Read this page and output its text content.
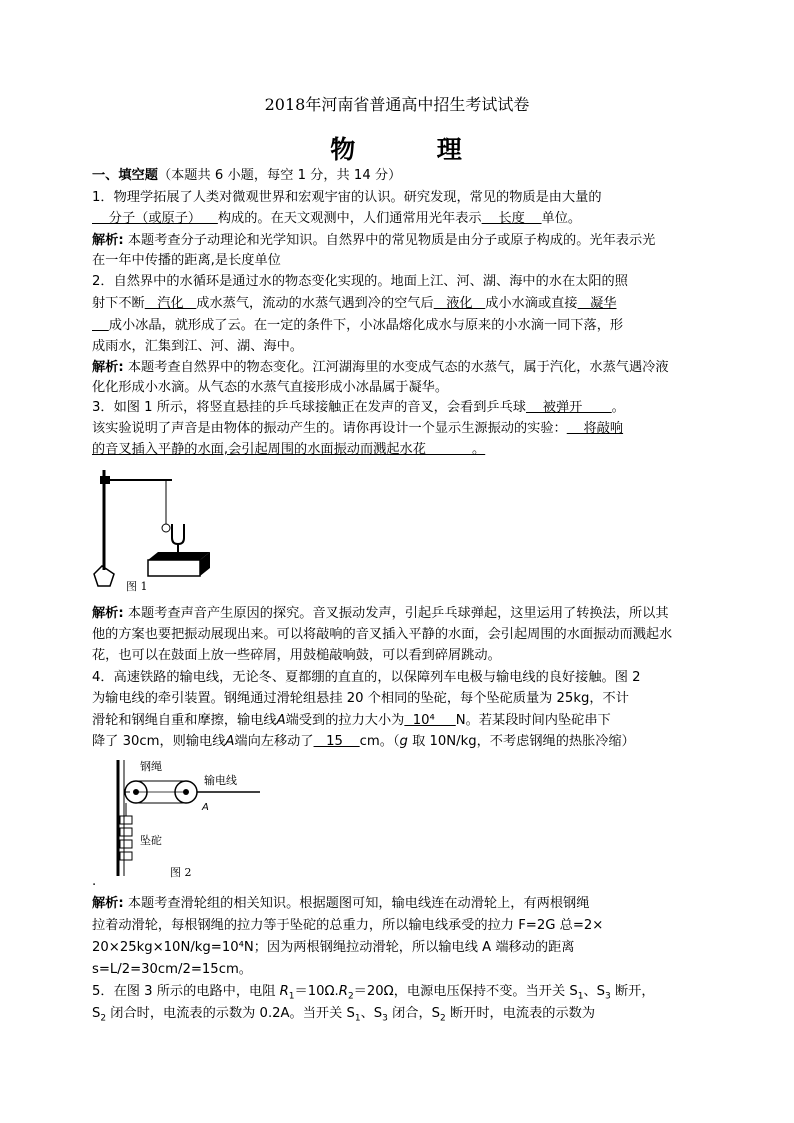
2018年河南省普通高中招生考试试卷
物	理
一、填空题（本题共 6 小题，每空 1 分，共 14 分）
1．物理学拓展了人类对微观世界和宏观宇宙的认识。研究发现，常见的物质是由大量的
分子（或原子）    构成的。在天文观测中，人们通常用光年表示    长度    单位。
解析: 本题考查分子动理论和光学知识。自然界中的常见物质是由分子或原子构成的。光年表示光
在一年中传播的距离,是长度单位
2．自然界中的水循环是通过水的物态变化实现的。地面上江、河、湖、海中的水在太阳的照
射下不断   汽化   成水蒸气，流动的水蒸气遇到冷的空气后   液化   成小水滴或直接   凝华
成小冰晶，就形成了云。在一定的条件下，小冰晶熔化成水与原来的小水滴一同下落，形
成雨水，汇集到江、河、湖、海中。
解析: 本题考查自然界中的物态变化。江河湖海里的水变成气态的水蒸气，属于汽化，水蒸气遇冷液
化化形成小水滴。从气态的水蒸气直接形成小冰晶属于凝华。
3．如图 1 所示，将竖直悬挂的乒乓球接触正在发声的音叉，会看到乒乓球    被弹开       。
该实验说明了声音是由物体的振动产生的。请你再设计一个显示生源振动的实验：    将敲响
的音叉插入平静的水面,会引起周围的水面振动而溅起水花           。
图 1
解析: 本题考查声音产生原因的探究。音叉振动发声，引起乒乓球弹起，这里运用了转换法，所以其
他的方案也要把振动展现出来。可以将敲响的音叉插入平静的水面，会引起周围的水面振动而溅起水
花，也可以在鼓面上放一些碎屑，用鼓槌敲响鼓，可以看到碎屑跳动。
4．高速铁路的输电线，无论冬、夏都绷的直直的，以保障列车电极与输电线的良好接触。图 2
为输电线的牵引装置。钢绳通过滑轮组悬挂 20 个相同的坠砣，每个坠砣质量为 25kg，不计
滑轮和钢绳自重和摩擦，输电线A端受到的拉力大小为  10⁴     N。若某段时间内坠砣串下
降了 30cm，则输电线A端向左移动了   15    cm。（g 取 10N/kg，不考虑钢绳的热胀冷缩）
钢绳
输电线
A
坠砣
图 2
·
解析: 本题考查滑轮组的相关知识。根据题图可知，输电线连在动滑轮上，有两根钢绳
拉着动滑轮，每根钢绳的拉力等于坠砣的总重力，所以输电线承受的拉力 F=2G 总=2×
20×25kg×10N/kg=10⁴N；因为两根钢绳拉动滑轮，所以输电线 A 端移动的距离
s=L/2=30cm/2=15cm。
5．在图 3 所示的电路中，电阻 $R_1=10\Omega.R_2=20\Omega$，电源电压保持不变。当开关 $S_1$、$S_3$ 断开，
$S_2$ 闭合时，电流表的示数为 0.2A。当开关 $S_1$、$S_3$ 闭合，$S_2$ 断开时，电流表的示数为
